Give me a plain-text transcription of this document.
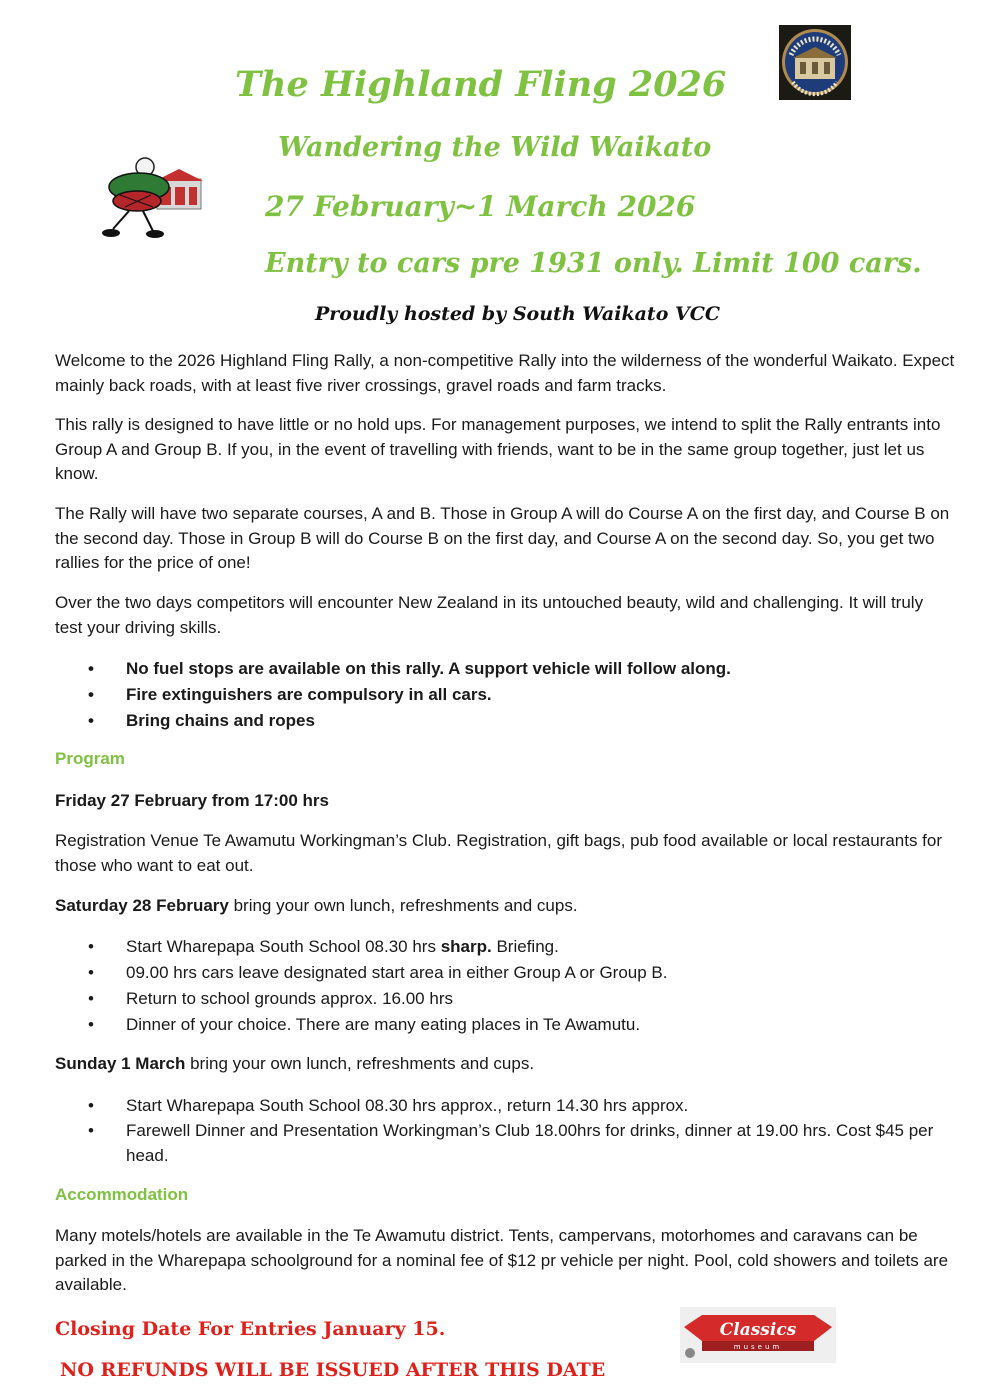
The Highland Fling 2026
Wandering the Wild Waikato
27 February~1 March 2026
Entry to cars pre 1931 only. Limit 100 cars.
Proudly hosted by South Waikato VCC

Welcome to the 2026 Highland Fling Rally, a non-competitive Rally into the wilderness of the wonderful Waikato. Expect mainly back roads, with at least five river crossings, gravel roads and farm tracks.

This rally is designed to have little or no hold ups. For management purposes, we intend to split the Rally entrants into Group A and Group B. If you, in the event of travelling with friends, want to be in the same group together, just let us know.

The Rally will have two separate courses, A and B. Those in Group A will do Course A on the first day, and Course B on the second day. Those in Group B will do Course B on the first day, and Course A on the second day. So, you get two rallies for the price of one!

Over the two days competitors will encounter New Zealand in its untouched beauty, wild and challenging. It will truly test your driving skills.

• No fuel stops are available on this rally. A support vehicle will follow along.
• Fire extinguishers are compulsory in all cars.
• Bring chains and ropes
Program

Friday 27 February from 17:00 hrs

Registration Venue Te Awamutu Workingman’s Club. Registration, gift bags, pub food available or local restaurants for those who want to eat out.

Saturday 28 February bring your own lunch, refreshments and cups.

• Start Wharepapa South School 08.30 hrs sharp. Briefing.
• 09.00 hrs cars leave designated start area in either Group A or Group B.
• Return to school grounds approx. 16.00 hrs
• Dinner of your choice. There are many eating places in Te Awamutu.

Sunday 1 March bring your own lunch, refreshments and cups.

• Start Wharepapa South School 08.30 hrs approx., return 14.30 hrs approx.
• Farewell Dinner and Presentation Workingman’s Club 18.00hrs for drinks, dinner at 19.00 hrs. Cost $45 per head.
Accommodation

Many motels/hotels are available in the Te Awamutu district. Tents, campervans, motorhomes and caravans can be parked in the Wharepapa schoolground for a nominal fee of $12 pr vehicle per night. Pool, cold showers and toilets are available.

Closing Date For Entries January 15.
NO REFUNDS WILL BE ISSUED AFTER THIS DATE
Classics
museum
